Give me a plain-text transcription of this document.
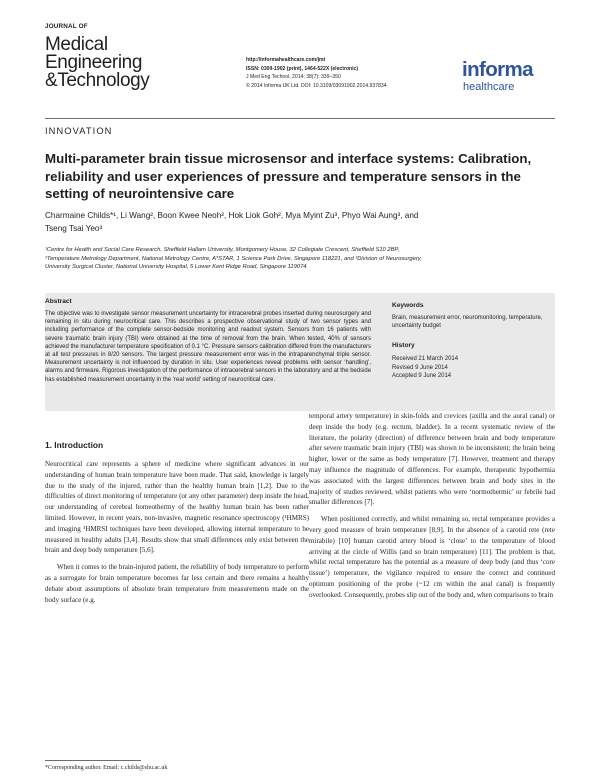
JOURNAL OF
Medical
Engineering
&Technology
http://informahealthcare.com/jmt
ISSN: 0309-1902 (print), 1464-522X (electronic)
J Med Eng Technol, 2014; 38(7): 339–350
© 2014 Informa UK Ltd. DOI: 10.3109/03091902.2014.937834
informa
healthcare
INNOVATION
Multi-parameter brain tissue microsensor and interface systems: Calibration, reliability and user experiences of pressure and temperature sensors in the setting of neurointensive care
Charmaine Childs*¹, Li Wang², Boon Kwee Neoh², Hok Liok Goh², Mya Myint Zu³, Phyo Wai Aung³, and
Tseng Tsai Yeo³
¹Centre for Health and Social Care Research, Sheffield Hallam University, Montgomery House, 32 Collegiate Crescent, Sheffield S10 2BP,
²Temperature Metrology Department, National Metrology Centre, A*STAR, 1 Science Park Drive, Singapore 118221, and ³Division of Neurosurgery,
University Surgical Cluster, National University Hospital, 5 Lower Kent Ridge Road, Singapore 119074
Abstract
The objective was to investigate sensor measurement uncertainty for intracerebral probes inserted during neurosurgery and remaining in situ during neurocritical care. This describes a prospective observational study of two sensor types and including performance of the complete sensor-bedside monitoring and readout system. Sensors from 16 patients with severe traumatic brain injury (TBI) were obtained at the time of removal from the brain. When tested, 40% of sensors achieved the manufacturer temperature specification of 0.1 °C. Pressure sensors calibration differed from the manufacturers at all test pressures in 8/20 sensors. The largest pressure measurement error was in the intraparenchymal triple sensor. Measurement uncertainty is not influenced by duration in situ. User experiences reveal problems with sensor ‘handling’, alarms and firmware. Rigorous investigation of the performance of intracerebral sensors in the laboratory and at the bedside has established measurement uncertainty in the ‘real world’ setting of neurocritical care.
Keywords
Brain, measurement error, neuromonitoring, temperature, uncertainty budget
History
Received 21 March 2014
Revised 9 June 2014
Accepted 9 June 2014
1. Introduction

Neurocritical care represents a sphere of medicine where significant advances in our understanding of human brain temperature have been made. That said, knowledge is largely due to the study of the injured, rather than the healthy human brain [1,2]. Due to the difficulties of direct monitoring of temperature (or any other parameter) deep inside the head, our understanding of cerebral homeothermy of the healthy human brain has been rather limited. However, in recent years, non-invasive, magnetic resonance spectroscopy (¹HMRS) and imaging ¹HMRSI techniques have been developed, allowing internal temperature to be measured in healthy adults [3,4]. Results show that small differences only exist between the brain and deep body temperature [5,6].

When it comes to the brain-injured patient, the reliability of body temperature to perform as a surrogate for brain temperature becomes far less certain and there remains a healthy debate about assumptions of absolute brain temperature from measurements made on the body surface (e.g.

temporal artery temperature) in skin-folds and crevices (axilla and the aural canal) or deep inside the body (e.g. rectum, bladder). In a recent systematic review of the literature, the polarity (direction) of difference between brain and body temperature after severe traumatic brain injury (TBI) was shown to be inconsistent; the brain being higher, lower or the same as body temperature [7]. However, treatment and therapy may influence the magnitude of differences. For example, therapeutic hypothermia was associated with the largest differences between brain and body sites in the majority of studies reviewed, whilst patients who were ‘normothermic’ or febrile had smaller differences [7].

When positioned correctly, and whilst remaining so, rectal temperature provides a very good measure of brain temperature [8,9]. In the absence of a carotid rete (rete mirabile) [10] human carotid artery blood is ‘close’ to the temperature of blood arriving at the circle of Willis (and so brain temperature) [11]. The problem is that, whilst rectal temperature has the potential as a measure of deep body (and thus ‘core tissue’) temperature, the vigilance required to ensure the correct and continued optimum positioning of the probe (~12 cm within the anal canal) is frequently overlooked. Consequently, probes slip out of the body and, when comparisons to brain

*Corresponding author. Email: c.childs@shu.ac.uk
